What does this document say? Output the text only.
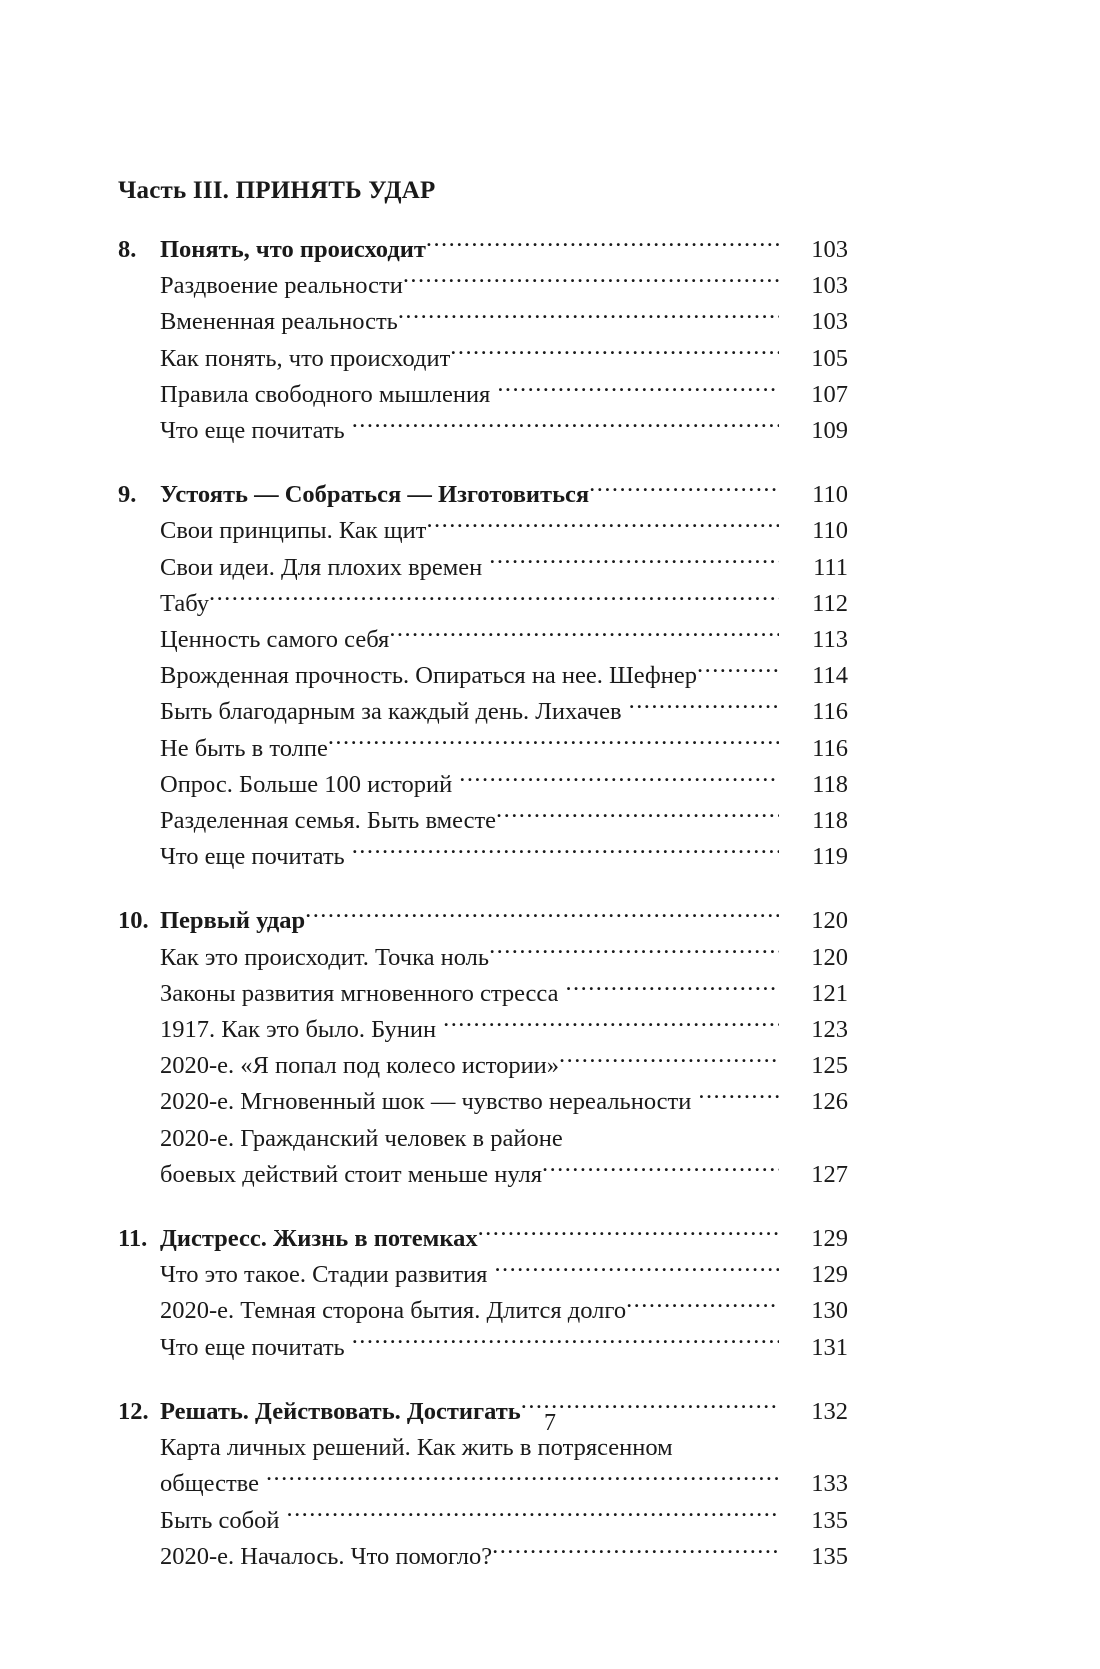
Часть III. ПРИНЯТЬ УДАР
8. Понять, что происходит .....	103
Раздвоение реальности .....	103
Вмененная реальность .....	103
Как понять, что происходит .....	105
Правила свободного мышления .....	107
Что еще почитать .....	109
9. Устоять — Собраться — Изготовиться .....	110
Свои принципы. Как щит .....	110
Свои идеи. Для плохих времен .....	111
Табу .....	112
Ценность самого себя .....	113
Врожденная прочность. Опираться на нее. Шефнер .....	114
Быть благодарным за каждый день. Лихачев .....	116
Не быть в толпе .....	116
Опрос. Больше 100 историй .....	118
Разделенная семья. Быть вместе .....	118
Что еще почитать .....	119
10. Первый удар .....	120
Как это происходит. Точка ноль .....	120
Законы развития мгновенного стресса .....	121
1917. Как это было. Бунин .....	123
2020-е. «Я попал под колесо истории» .....	125
2020-е. Мгновенный шок — чувство нереальности .....	126
2020-е. Гражданский человек в районе
боевых действий стоит меньше нуля .....	127
11. Дистресс. Жизнь в потемках .....	129
Что это такое. Стадии развития .....	129
2020-е. Темная сторона бытия. Длится долго .....	130
Что еще почитать .....	131
12. Решать. Действовать. Достигать .....	132
Карта личных решений. Как жить в потрясенном
обществе .....	133
Быть собой .....	135
2020-е. Началось. Что помогло? .....	135
7
